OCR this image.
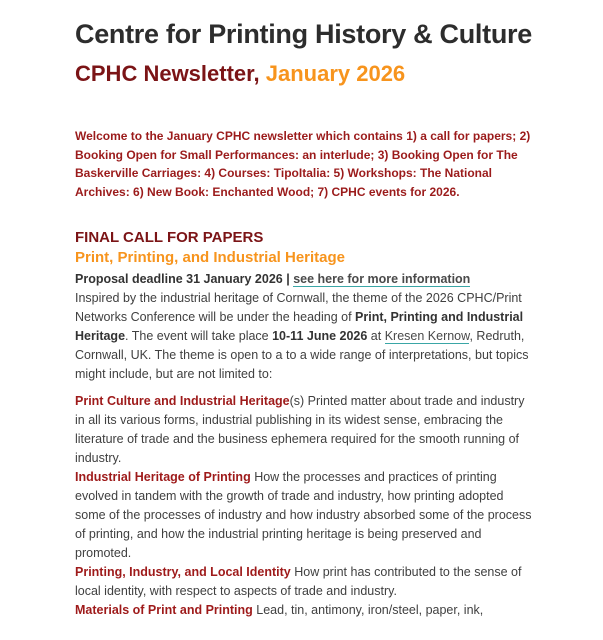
Centre for Printing History & Culture
CPHC Newsletter, January 2026

Welcome to the January CPHC newsletter which contains 1) a call for papers; 2) Booking Open for Small Performances: an interlude; 3) Booking Open for The Baskerville Carriages: 4) Courses: TipoItalia: 5) Workshops: The National Archives: 6) New Book: Enchanted Wood; 7) CPHC events for 2026.

FINAL CALL FOR PAPERS
Print, Printing, and Industrial Heritage

Proposal deadline 31 January 2026 | see here for more information

Inspired by the industrial heritage of Cornwall, the theme of the 2026 CPHC/Print Networks Conference will be under the heading of Print, Printing and Industrial Heritage. The event will take place 10-11 June 2026 at Kresen Kernow, Redruth, Cornwall, UK. The theme is open to a to a wide range of interpretations, but topics might include, but are not limited to:

Print Culture and Industrial Heritage(s) Printed matter about trade and industry in all its various forms, industrial publishing in its widest sense, embracing the literature of trade and the business ephemera required for the smooth running of industry.

Industrial Heritage of Printing How the processes and practices of printing evolved in tandem with the growth of trade and industry, how printing adopted some of the processes of industry and how industry absorbed some of the process of printing, and how the industrial printing heritage is being preserved and promoted.

Printing, Industry, and Local Identity How print has contributed to the sense of local identity, with respect to aspects of trade and industry.

Materials of Print and Printing Lead, tin, antimony, iron/steel, paper, ink,
